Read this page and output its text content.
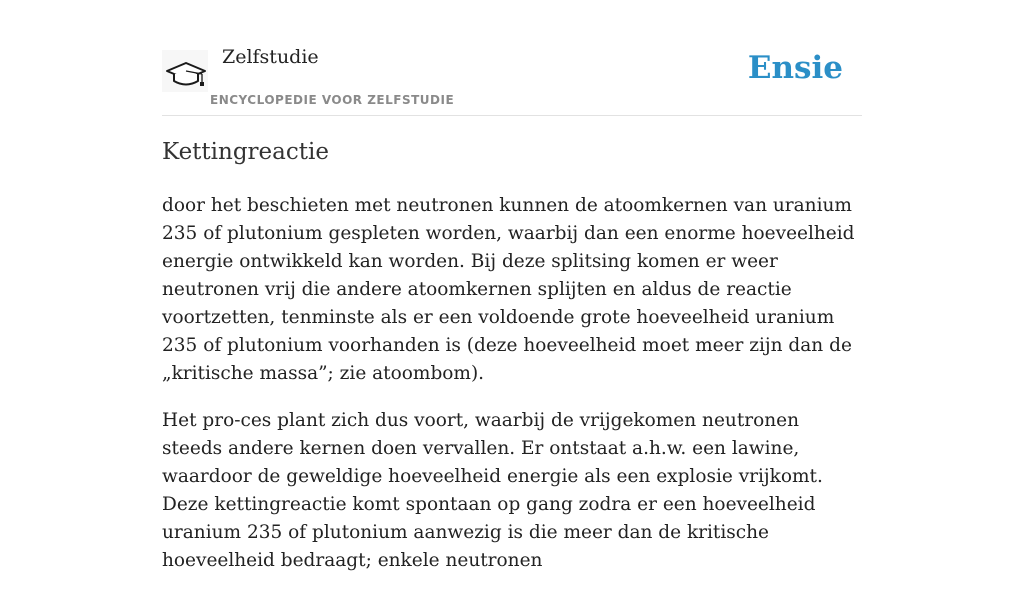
Zelfstudie
ENCYCLOPEDIE VOOR ZELFSTUDIE
Ensie
Kettingreactie

door het beschieten met neutronen kunnen de atoomkernen van uranium 235 of plutonium gespleten worden, waarbij dan een enorme hoeveelheid energie ontwikkeld kan worden. Bij deze splitsing komen er weer neutronen vrij die andere atoomkernen splijten en aldus de reactie voortzetten, tenminste als er een voldoende grote hoeveelheid uranium 235 of plutonium voorhanden is (deze hoeveelheid moet meer zijn dan de „kritische massa”; zie atoombom).

Het pro-ces plant zich dus voort, waarbij de vrijgekomen neutronen steeds andere kernen doen vervallen. Er ontstaat a.h.w. een lawine, waardoor de geweldige hoeveelheid energie als een explosie vrijkomt. Deze kettingreactie komt spontaan op gang zodra er een hoeveelheid uranium 235 of plutonium aanwezig is die meer dan de kritische hoeveelheid bedraagt; enkele neutronen
